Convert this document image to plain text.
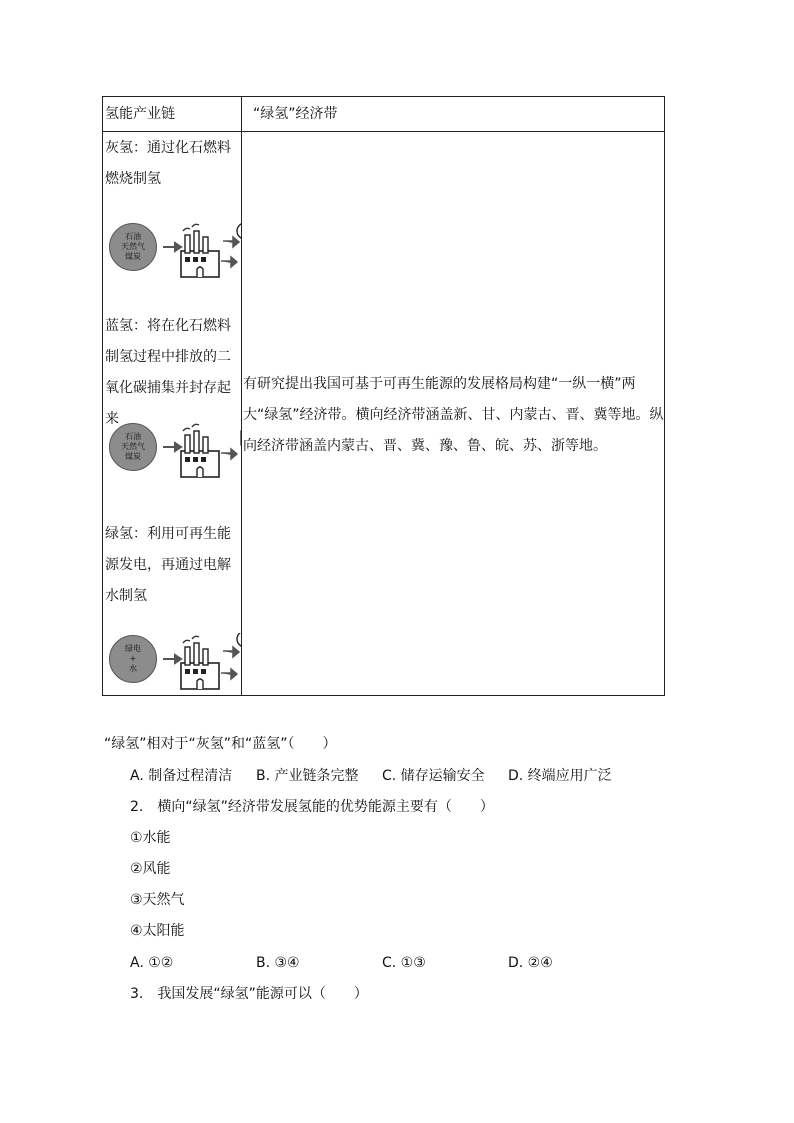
氢能产业链	“绿氢”经济带
灰氢：通过化石燃料燃烧制氢
石油
天然气
煤炭
蓝氢：将在化石燃料制氢过程中排放的二氧化碳捕集并封存起来
石油
天然气
煤炭
绿氢：利用可再生能源发电，再通过电解水制氢
绿电
+
水
有研究提出我国可基于可再生能源的发展格局构建“一纵一横”两大“绿氢”经济带。横向经济带涵盖新、甘、内蒙古、晋、冀等地。纵向经济带涵盖内蒙古、晋、冀、豫、鲁、皖、苏、浙等地。
“绿氢”相对于“灰氢”和“蓝氢”（　　）
A. 制备过程清洁 B. 产业链条完整 C. 储存运输安全 D. 终端应用广泛
2.　横向“绿氢”经济带发展氢能的优势能源主要有（　　）
①水能
②风能
③天然气
④太阳能
A. ①②	B. ③④	C. ①③	D. ②④
3.　我国发展“绿氢”能源可以（　　）
